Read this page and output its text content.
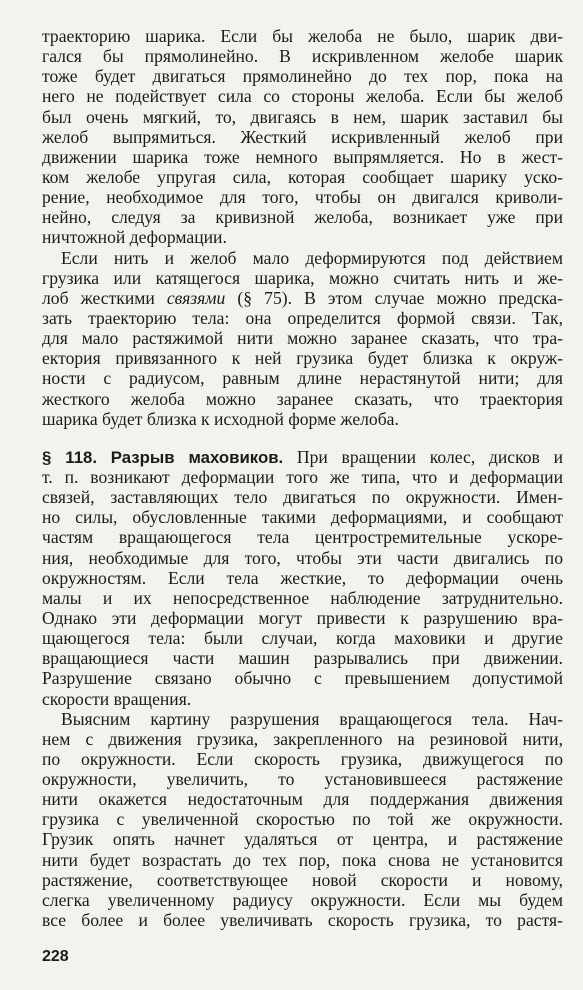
траекторию шарика. Если бы желоба не было, шарик дви-
гался бы прямолинейно. В искривленном желобе шарик
тоже будет двигаться прямолинейно до тех пор, пока на
него не подействует сила со стороны желоба. Если бы желоб
был очень мягкий, то, двигаясь в нем, шарик заставил бы
желоб выпрямиться. Жесткий искривленный желоб при
движении шарика тоже немного выпрямляется. Но в жест-
ком желобе упругая сила, которая сообщает шарику уско-
рение, необходимое для того, чтобы он двигался криволи-
нейно, следуя за кривизной желоба, возникает уже при
ничтожной деформации.
Если нить и желоб мало деформируются под действием
грузика или катящегося шарика, можно считать нить и же-
лоб жесткими связями (§ 75). В этом случае можно предска-
зать траекторию тела: она определится формой связи. Так,
для мало растяжимой нити можно заранее сказать, что тра-
ектория привязанного к ней грузика будет близка к окруж-
ности с радиусом, равным длине нерастянутой нити; для
жесткого желоба можно заранее сказать, что траектория
шарика будет близка к исходной форме желоба.
§ 118. Разрыв маховиков. При вращении колес, дисков и
т. п. возникают деформации того же типа, что и деформации
связей, заставляющих тело двигаться по окружности. Имен-
но силы, обусловленные такими деформациями, и сообщают
частям вращающегося тела центростремительные ускоре-
ния, необходимые для того, чтобы эти части двигались по
окружностям. Если тела жесткие, то деформации очень
малы и их непосредственное наблюдение затруднительно.
Однако эти деформации могут привести к разрушению вра-
щающегося тела: были случаи, когда маховики и другие
вращающиеся части машин разрывались при движении.
Разрушение связано обычно с превышением допустимой
скорости вращения.
Выясним картину разрушения вращающегося тела. Нач-
нем с движения грузика, закрепленного на резиновой нити,
по окружности. Если скорость грузика, движущегося по
окружности, увеличить, то установившееся растяжение
нити окажется недостаточным для поддержания движения
грузика с увеличенной скоростью по той же окружности.
Грузик опять начнет удаляться от центра, и растяжение
нити будет возрастать до тех пор, пока снова не установится
растяжение, соответствующее новой скорости и новому,
слегка увеличенному радиусу окружности. Если мы будем
все более и более увеличивать скорость грузика, то растя-
228
